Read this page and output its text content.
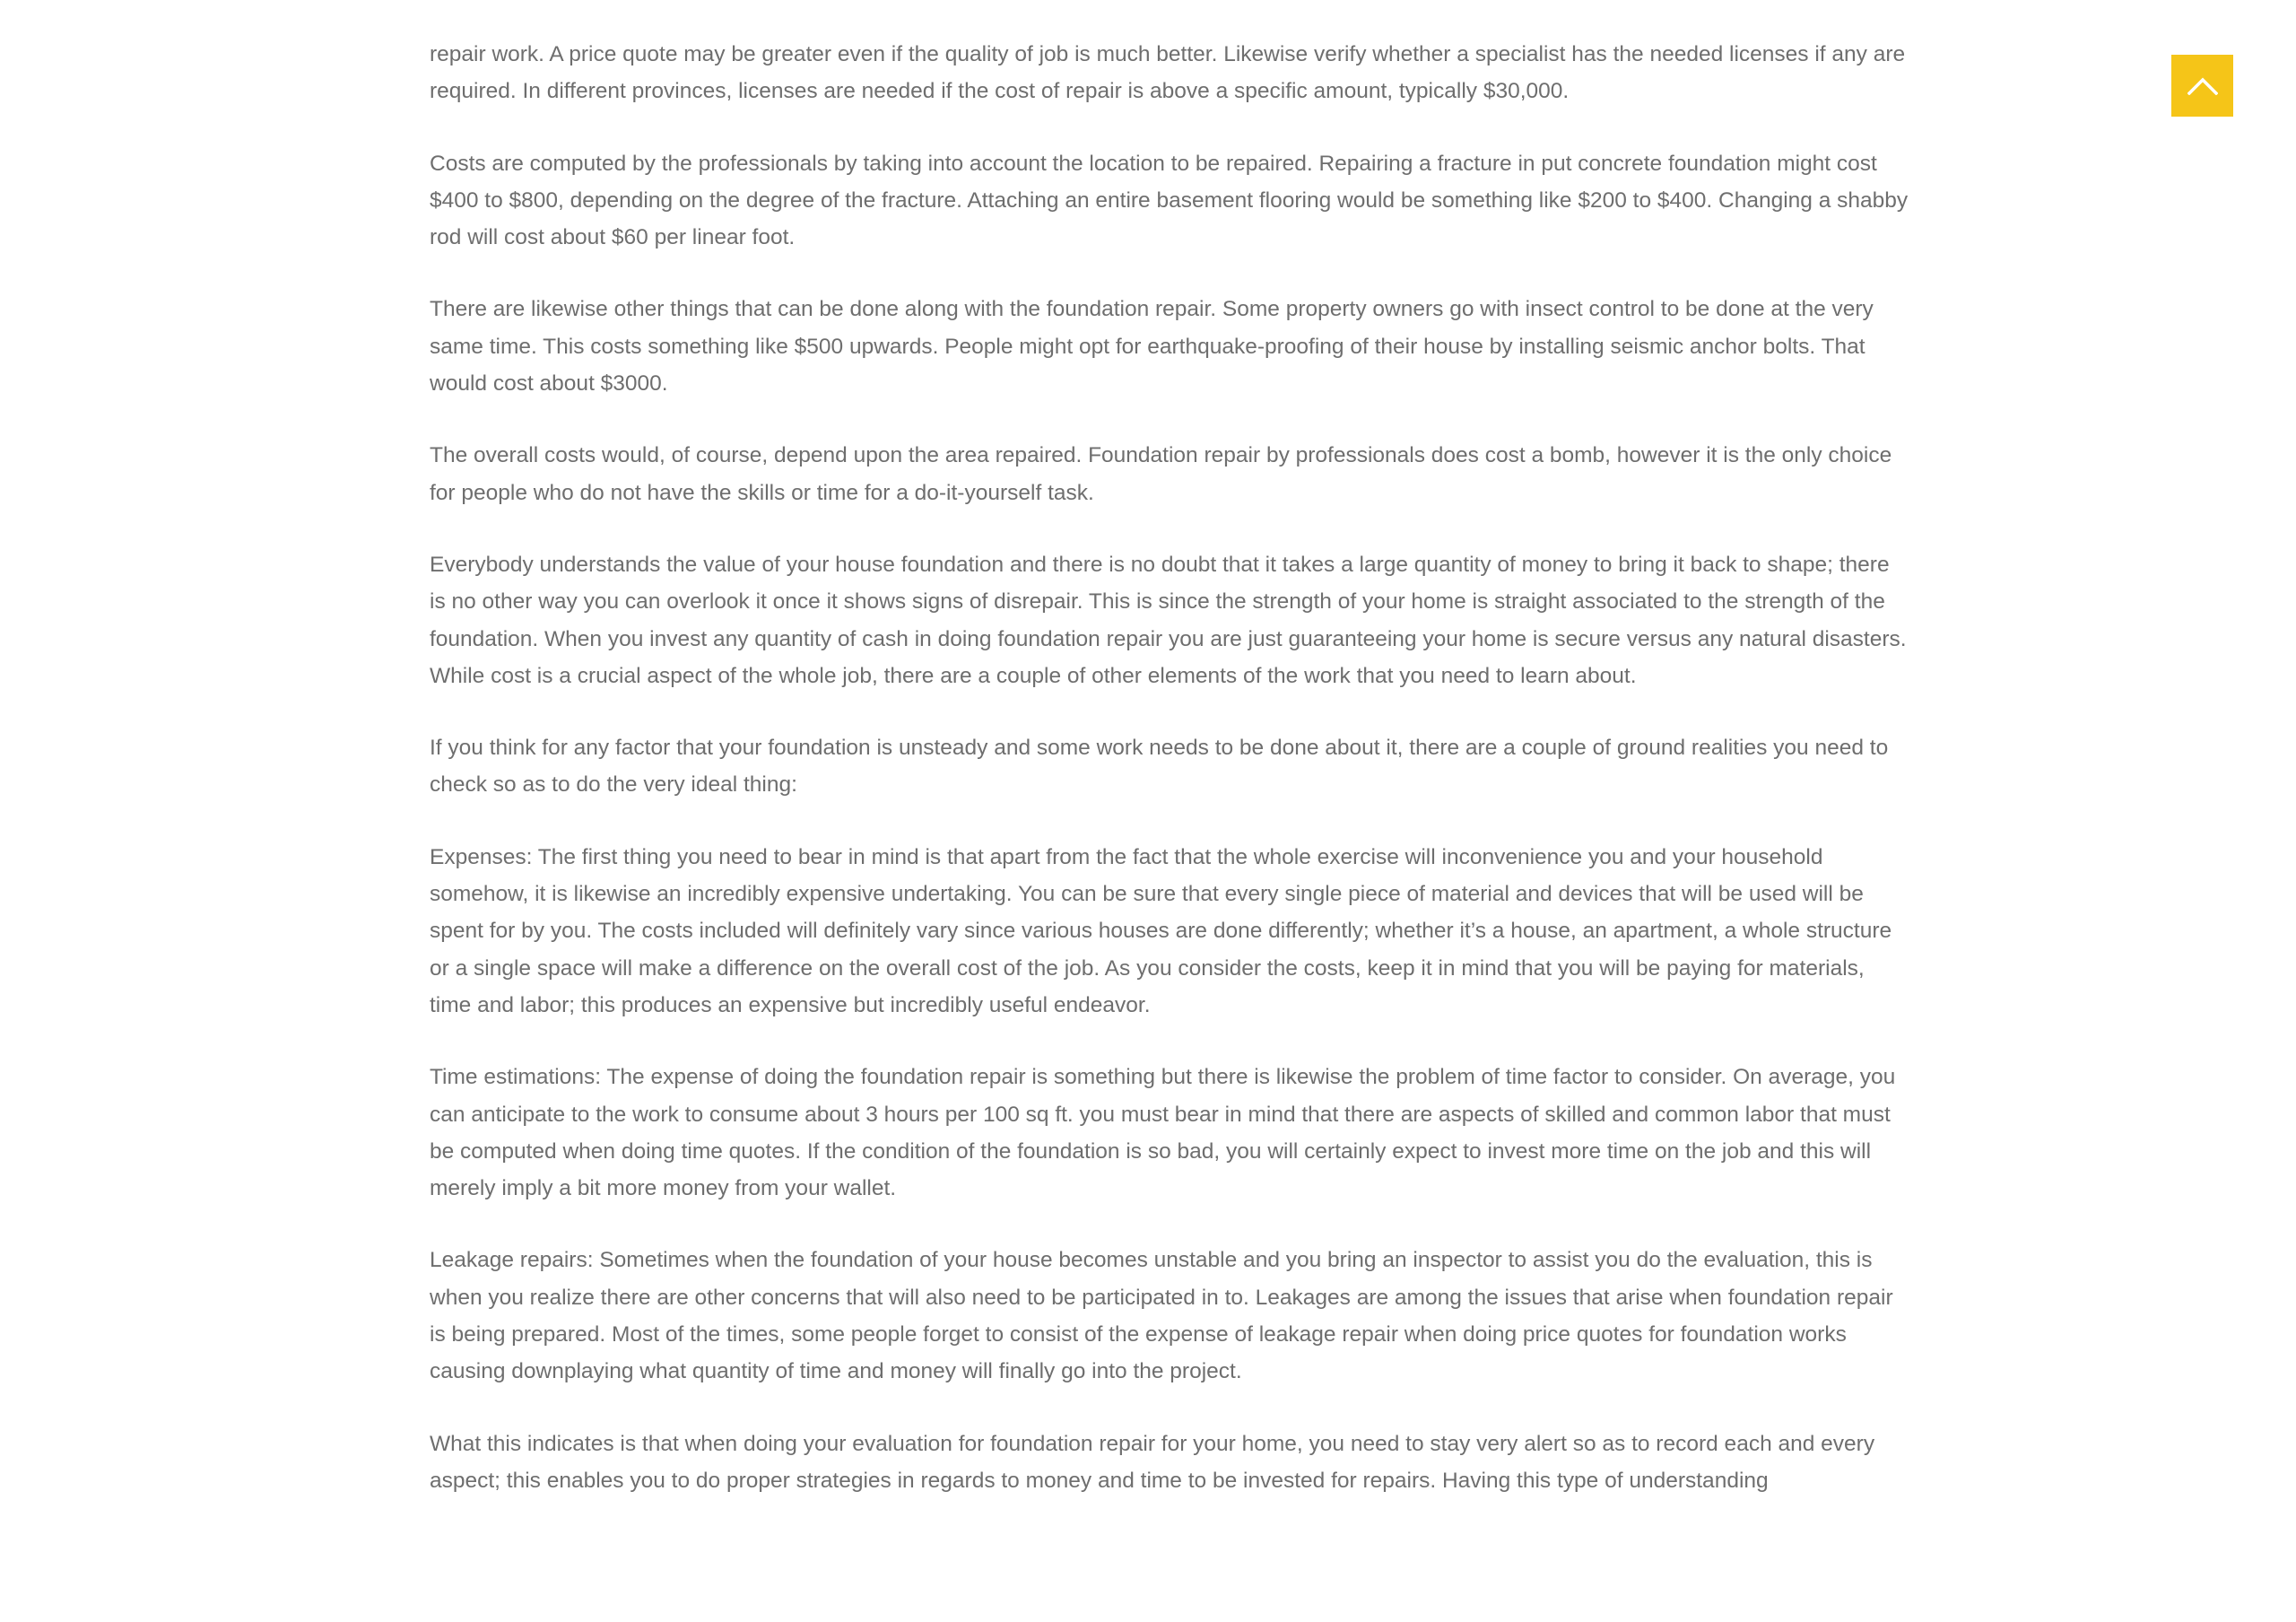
repair work. A price quote may be greater even if the quality of job is much better. Likewise verify whether a specialist has the needed licenses if any are required. In different provinces, licenses are needed if the cost of repair is above a specific amount, typically $30,000.

Costs are computed by the professionals by taking into account the location to be repaired. Repairing a fracture in put concrete foundation might cost $400 to $800, depending on the degree of the fracture. Attaching an entire basement flooring would be something like $200 to $400. Changing a shabby rod will cost about $60 per linear foot.

There are likewise other things that can be done along with the foundation repair. Some property owners go with insect control to be done at the very same time. This costs something like $500 upwards. People might opt for earthquake-proofing of their house by installing seismic anchor bolts. That would cost about $3000.

The overall costs would, of course, depend upon the area repaired. Foundation repair by professionals does cost a bomb, however it is the only choice for people who do not have the skills or time for a do-it-yourself task.

Everybody understands the value of your house foundation and there is no doubt that it takes a large quantity of money to bring it back to shape; there is no other way you can overlook it once it shows signs of disrepair. This is since the strength of your home is straight associated to the strength of the foundation. When you invest any quantity of cash in doing foundation repair you are just guaranteeing your home is secure versus any natural disasters. While cost is a crucial aspect of the whole job, there are a couple of other elements of the work that you need to learn about.

If you think for any factor that your foundation is unsteady and some work needs to be done about it, there are a couple of ground realities you need to check so as to do the very ideal thing:

Expenses: The first thing you need to bear in mind is that apart from the fact that the whole exercise will inconvenience you and your household somehow, it is likewise an incredibly expensive undertaking. You can be sure that every single piece of material and devices that will be used will be spent for by you. The costs included will definitely vary since various houses are done differently; whether it’s a house, an apartment, a whole structure or a single space will make a difference on the overall cost of the job. As you consider the costs, keep it in mind that you will be paying for materials, time and labor; this produces an expensive but incredibly useful endeavor.

Time estimations: The expense of doing the foundation repair is something but there is likewise the problem of time factor to consider. On average, you can anticipate to the work to consume about 3 hours per 100 sq ft. you must bear in mind that there are aspects of skilled and common labor that must be computed when doing time quotes. If the condition of the foundation is so bad, you will certainly expect to invest more time on the job and this will merely imply a bit more money from your wallet.

Leakage repairs: Sometimes when the foundation of your house becomes unstable and you bring an inspector to assist you do the evaluation, this is when you realize there are other concerns that will also need to be participated in to. Leakages are among the issues that arise when foundation repair is being prepared. Most of the times, some people forget to consist of the expense of leakage repair when doing price quotes for foundation works causing downplaying what quantity of time and money will finally go into the project.

What this indicates is that when doing your evaluation for foundation repair for your home, you need to stay very alert so as to record each and every aspect; this enables you to do proper strategies in regards to money and time to be invested for repairs. Having this type of understanding
